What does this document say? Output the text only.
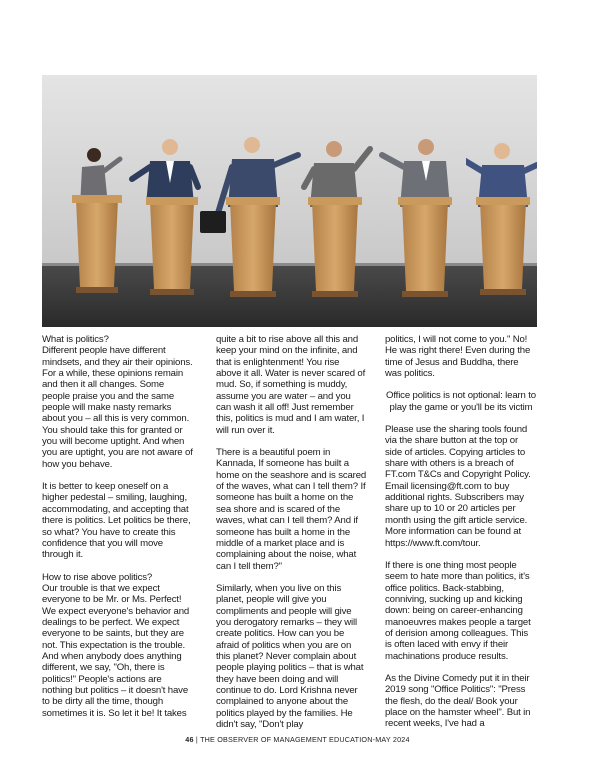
What is politics?
Different people have different mindsets, and they air their opinions. For a while, these opinions remain and then it all changes. Some people praise you and the same people will make nasty remarks about you – all this is very common. You should take this for granted or you will become uptight. And when you are uptight, you are not aware of how you behave.

It is better to keep oneself on a higher pedestal – smiling, laughing, accommodating, and accepting that there is politics. Let politics be there, so what? You have to create this confidence that you will move through it.

How to rise above politics?
Our trouble is that we expect everyone to be Mr. or Ms. Perfect! We expect everyone's behavior and dealings to be perfect. We expect everyone to be saints, but they are not. This expectation is the trouble. And when anybody does anything different, we say, "Oh, there is politics!" People's actions are nothing but politics – it doesn't have to be dirty all the time, though sometimes it is. So let it be! It takes

quite a bit to rise above all this and keep your mind on the infinite, and that is enlightenment! You rise above it all. Water is never scared of mud. So, if something is muddy, assume you are water – and you can wash it all off! Just remember this, politics is mud and I am water, I will run over it.

There is a beautiful poem in Kannada, If someone has built a home on the seashore and is scared of the waves, what can I tell them? If someone has built a home on the sea shore and is scared of the waves, what can I tell them? And if someone has built a home in the middle of a market place and is complaining about the noise, what can I tell them?"

Similarly, when you live on this planet, people will give you compliments and people will give you derogatory remarks – they will create politics. How can you be afraid of politics when you are on this planet? Never complain about people playing politics – that is what they have been doing and will continue to do. Lord Krishna never complained to anyone about the politics played by the families. He didn't say, "Don't play

politics, I will not come to you." No! He was right there! Even during the time of Jesus and Buddha, there was politics.

Office politics is not optional: learn to play the game or you'll be its victim

Please use the sharing tools found via the share button at the top or side of articles. Copying articles to share with others is a breach of FT.com T&Cs and Copyright Policy. Email licensing@ft.com to buy additional rights. Subscribers may share up to 10 or 20 articles per month using the gift article service. More information can be found at https://www.ft.com/tour.

If there is one thing most people seem to hate more than politics, it's office politics. Back-stabbing, conniving, sucking up and kicking down: being on career-enhancing manoeuvres makes people a target of derision among colleagues. This is often laced with envy if their machinations produce results.

As the Divine Comedy put it in their 2019 song "Office Politics": "Press the flesh, do the deal/ Book your place on the hamster wheel". But in recent weeks, I've had a

46 | THE OBSERVER OF MANAGEMENT EDUCATION-MAY 2024
